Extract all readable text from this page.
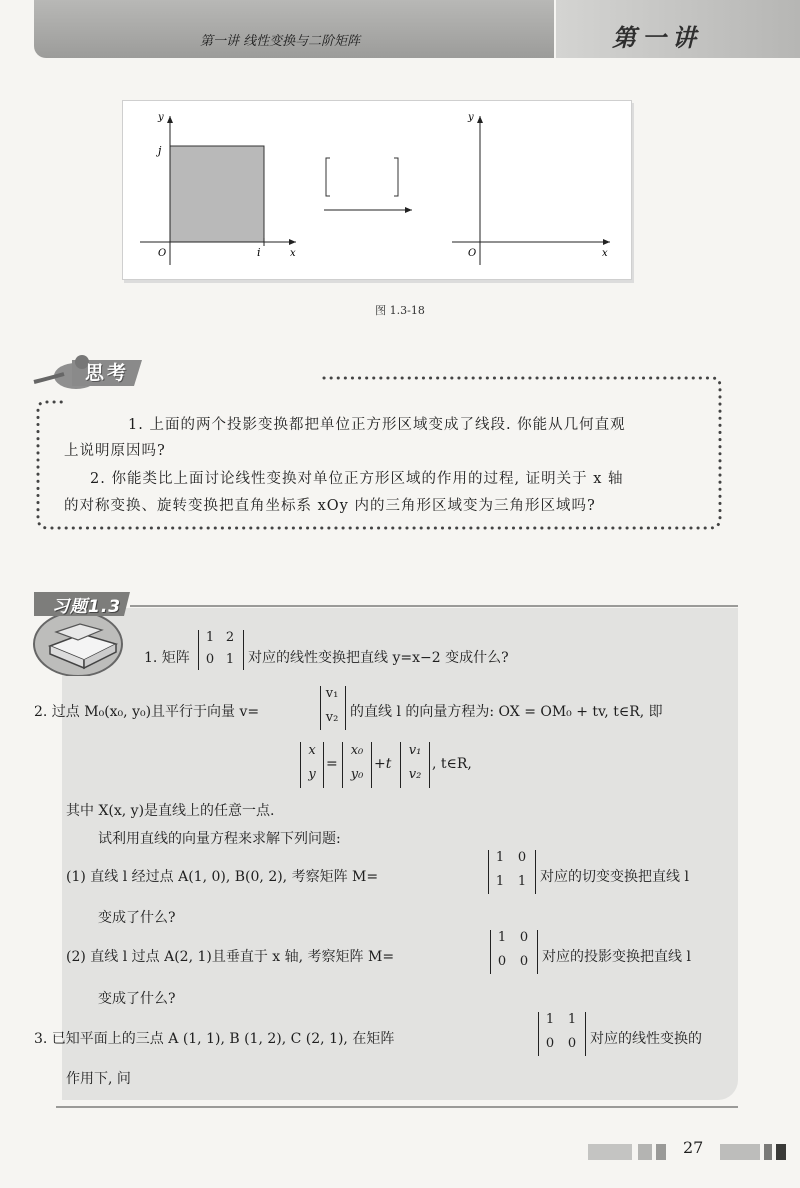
第一讲 线性变换与二阶矩阵	第一讲
x
y
O	i
j
x
y
O
图 1.3-18
思考
1. 上面的两个投影变换都把单位正方形区域变成了线段. 你能从几何直观
上说明原因吗?
2. 你能类比上面讨论线性变换对单位正方形区域的作用的过程, 证明关于 x 轴
的对称变换、旋转变换把直角坐标系 xOy 内的三角形区域变为三角形区域吗?
习题1.3
1. 矩阵
1 2
0 1 对应的线性变换把直线 y=x−2 变成什么?
2. 过点 M₀(x₀, y₀)且平行于向量 v=
v₁
v₂ 的直线 l 的向量方程为: OX = OM₀ + tv, t∈R, 即
x
y
=
x₀
y₀
+t
v₁
v₂
, t∈R,
其中 X(x, y)是直线上的任意一点.
试利用直线的向量方程来求解下列问题:
(1) 直线 l 经过点 A(1, 0), B(0, 2), 考察矩阵 M=
1	0
1	1 对应的切变变换把直线 l
变成了什么?
(2) 直线 l 过点 A(2, 1)且垂直于 x 轴, 考察矩阵 M=
1	0
0	0 对应的投影变换把直线 l
变成了什么?
3. 已知平面上的三点 A (1, 1), B (1, 2), C (2, 1), 在矩阵
1	1
0	0 对应的线性变换的
作用下, 问
27
